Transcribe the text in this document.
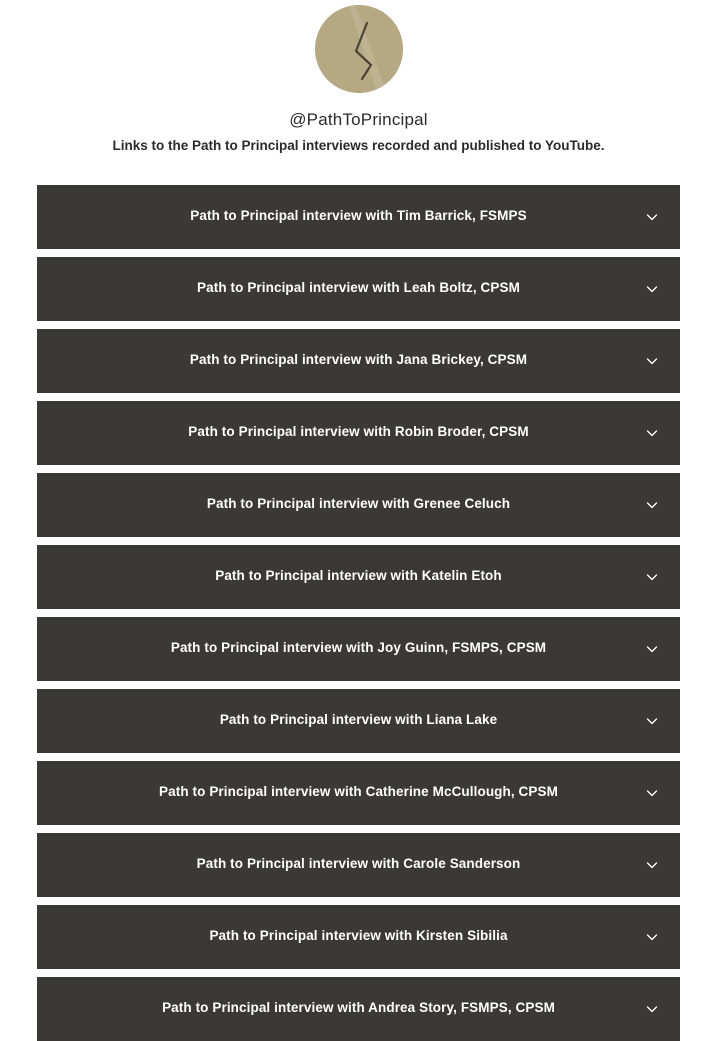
@PathToPrincipal
Links to the Path to Principal interviews recorded and published to YouTube.
Path to Principal interview with Tim Barrick, FSMPS
Path to Principal interview with Leah Boltz, CPSM
Path to Principal interview with Jana Brickey, CPSM
Path to Principal interview with Robin Broder, CPSM
Path to Principal interview with Grenee Celuch
Path to Principal interview with Katelin Etoh
Path to Principal interview with Joy Guinn, FSMPS, CPSM
Path to Principal interview with Liana Lake
Path to Principal interview with Catherine McCullough, CPSM
Path to Principal interview with Carole Sanderson
Path to Principal interview with Kirsten Sibilia
Path to Principal interview with Andrea Story, FSMPS, CPSM
